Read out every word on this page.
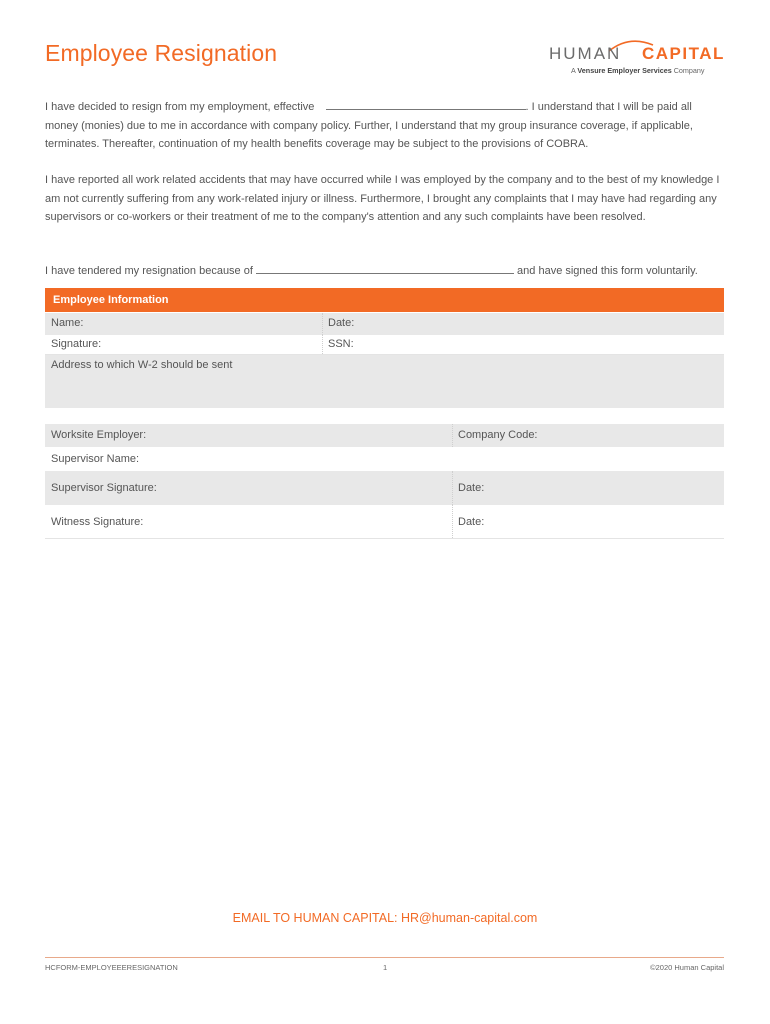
Employee Resignation	HUMAN CAPITAL
A Vensure Employer Services Company

I have decided to resign from my employment, effective	. I understand that I will be paid all money (monies) due to me in accordance with company policy. Further, I understand that my group insurance coverage, if applicable, terminates. Thereafter, continuation of my health benefits coverage may be subject to the provisions of COBRA.

I have reported all work related accidents that may have occurred while I was employed by the company and to the best of my knowledge I am not currently suffering from any work-related injury or illness. Furthermore, I brought any complaints that I may have had regarding any supervisors or co-workers or their treatment of me to the company's attention and any such complaints have been resolved.

I have tendered my resignation because of	and have signed this form voluntarily.

Employee Information
Name:	Date:
Signature:	SSN:
Address to which W-2 should be sent
Worksite Employer:	Company Code:
Supervisor Name:
Supervisor Signature:	Date:
Witness Signature:	Date:
EMAIL TO HUMAN CAPITAL: HR@human-capital.com
HCFORM-EMPLOYEEERESIGNATION	1	©2020 Human Capital
